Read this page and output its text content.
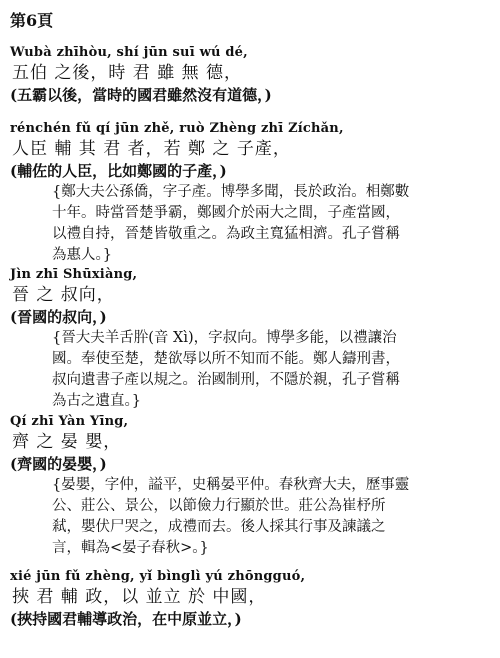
第6頁
Wubà zhīhòu, shí jūn suī wú dé,
五伯 之後，時 君 雖 無 德，
(五霸以後，當時的國君雖然沒有道德，)
rénchén fǔ qí jūn zhě, ruò Zhèng zhī Zíchǎn,
人臣 輔 其 君 者，若 鄭 之 子產，
(輔佐的人臣，比如鄭國的子產，)
{鄭大夫公孫僑，字子產。博學多聞，長於政治。相鄭數
十年。時當晉楚爭霸，鄭國介於兩大之間，子產當國，
以禮自持，晉楚皆敬重之。為政主寬猛相濟。孔子嘗稱
為惠人。}
Jìn zhī Shūxiàng,
晉 之 叔向，
(晉國的叔向，)
{晉大夫羊舌肸(音 Xì)，字叔向。博學多能，以禮讓治
國。奉使至楚，楚欲辱以所不知而不能。鄭人鑄刑書，
叔向遺書子產以規之。治國制刑，不隱於親，孔子嘗稱
為古之遺直。}
Qí zhī Yàn Yīng,
齊 之 晏 嬰，
(齊國的晏嬰，)
{晏嬰，字仲，謚平，史稱晏平仲。春秋齊大夫，歷事靈
公、莊公、景公，以節儉力行顯於世。莊公為崔杼所
弒，嬰伏尸哭之，成禮而去。後人採其行事及諫議之
言，輯為<晏子春秋>。}
xié jūn fǔ zhèng, yǐ bìnglì yú zhōngguó,
挾 君 輔 政，以 並立 於 中國，
(挾持國君輔導政治，在中原並立，)
